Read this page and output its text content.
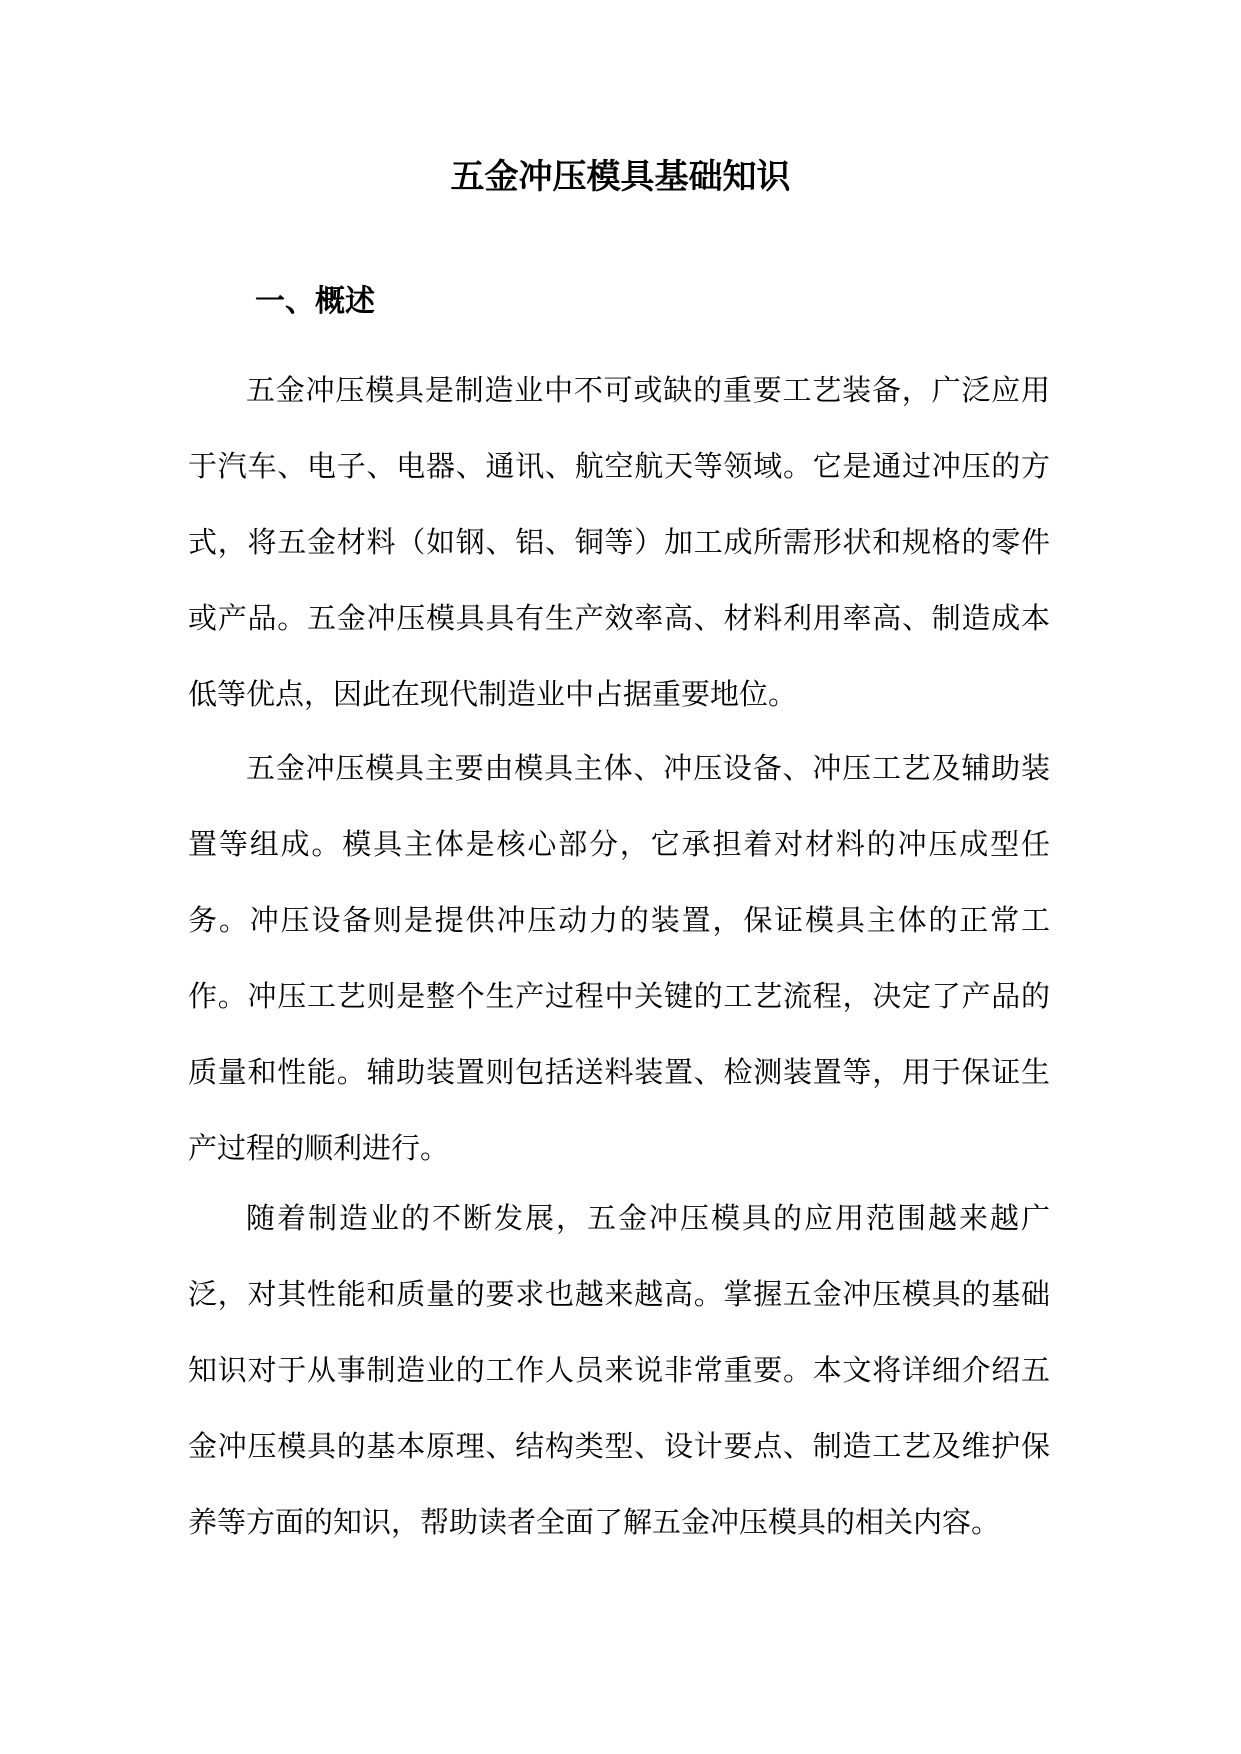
五金冲压模具基础知识
一、概述

五金冲压模具是制造业中不可或缺的重要工艺装备，广泛应用于汽车、电子、电器、通讯、航空航天等领域。它是通过冲压的方式，将五金材料（如钢、铝、铜等）加工成所需形状和规格的零件或产品。五金冲压模具具有生产效率高、材料利用率高、制造成本低等优点，因此在现代制造业中占据重要地位。

五金冲压模具主要由模具主体、冲压设备、冲压工艺及辅助装置等组成。模具主体是核心部分，它承担着对材料的冲压成型任务。冲压设备则是提供冲压动力的装置，保证模具主体的正常工作。冲压工艺则是整个生产过程中关键的工艺流程，决定了产品的质量和性能。辅助装置则包括送料装置、检测装置等，用于保证生产过程的顺利进行。

随着制造业的不断发展，五金冲压模具的应用范围越来越广泛，对其性能和质量的要求也越来越高。掌握五金冲压模具的基础知识对于从事制造业的工作人员来说非常重要。本文将详细介绍五金冲压模具的基本原理、结构类型、设计要点、制造工艺及维护保养等方面的知识，帮助读者全面了解五金冲压模具的相关内容。
